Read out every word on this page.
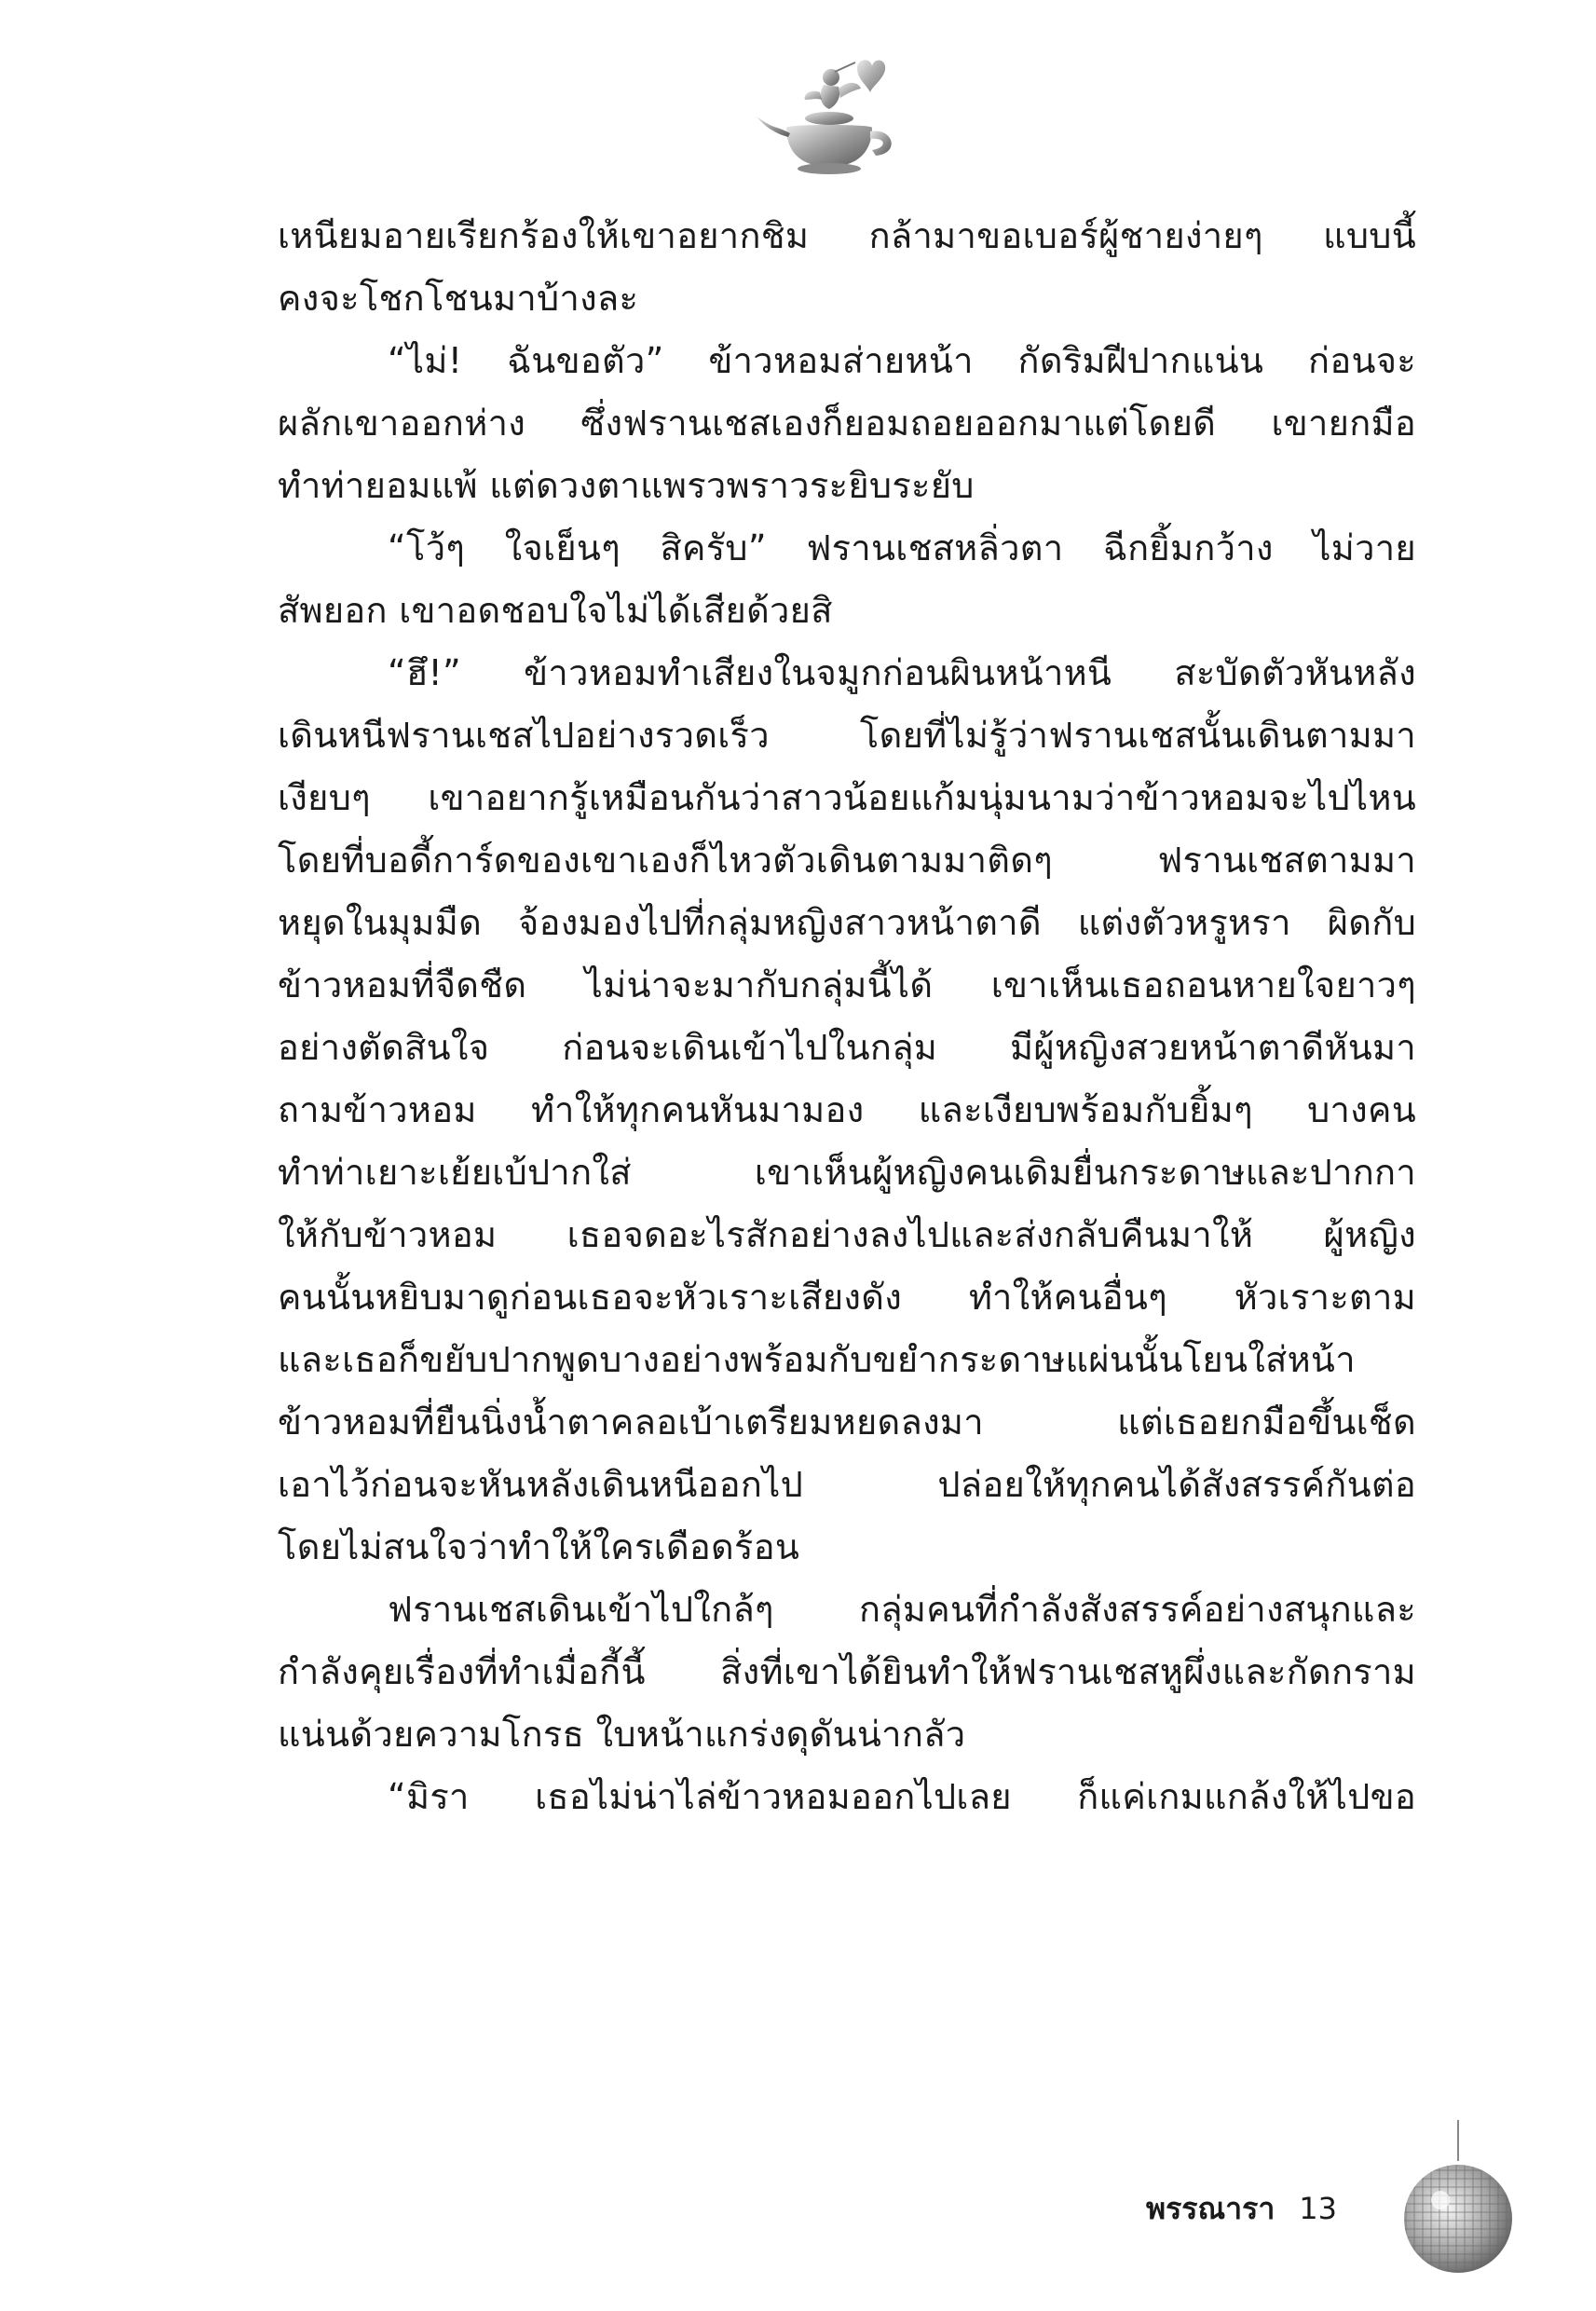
เหนียมอายเรียกร้องให้เขาอยากชิม กล้ามาขอเบอร์ผู้ชายง่ายๆ แบบนี้
คงจะโชกโชนมาบ้างละ
“ไม่! ฉันขอตัว” ข้าวหอมส่ายหน้า กัดริมฝีปากแน่น ก่อนจะ
ผลักเขาออกห่าง ซึ่งฟรานเชสเองก็ยอมถอยออกมาแต่โดยดี เขายกมือ
ทำท่ายอมแพ้ แต่ดวงตาแพรวพราวระยิบระยับ
“โว้ๆ ใจเย็นๆ สิครับ” ฟรานเชสหลิ่วตา ฉีกยิ้มกว้าง ไม่วาย
สัพยอก เขาอดชอบใจไม่ได้เสียด้วยสิ
“ฮึ!” ข้าวหอมทำเสียงในจมูกก่อนผินหน้าหนี สะบัดตัวหันหลัง
เดินหนีฟรานเชสไปอย่างรวดเร็ว โดยที่ไม่รู้ว่าฟรานเชสนั้นเดินตามมา
เงียบๆ เขาอยากรู้เหมือนกันว่าสาวน้อยแก้มนุ่มนามว่าข้าวหอมจะไปไหน
โดยที่บอดี้การ์ดของเขาเองก็ไหวตัวเดินตามมาติดๆ ฟรานเชสตามมา
หยุดในมุมมืด จ้องมองไปที่กลุ่มหญิงสาวหน้าตาดี แต่งตัวหรูหรา ผิดกับ
ข้าวหอมที่จืดชืด ไม่น่าจะมากับกลุ่มนี้ได้ เขาเห็นเธอถอนหายใจยาวๆ
อย่างตัดสินใจ ก่อนจะเดินเข้าไปในกลุ่ม มีผู้หญิงสวยหน้าตาดีหันมา
ถามข้าวหอม ทำให้ทุกคนหันมามอง และเงียบพร้อมกับยิ้มๆ บางคน
ทำท่าเยาะเย้ยเบ้ปากใส่ เขาเห็นผู้หญิงคนเดิมยื่นกระดาษและปากกา
ให้กับข้าวหอม เธอจดอะไรสักอย่างลงไปและส่งกลับคืนมาให้ ผู้หญิง
คนนั้นหยิบมาดูก่อนเธอจะหัวเราะเสียงดัง ทำให้คนอื่นๆ หัวเราะตาม
และเธอก็ขยับปากพูดบางอย่างพร้อมกับขยำกระดาษแผ่นนั้นโยนใส่หน้า
ข้าวหอมที่ยืนนิ่งน้ำตาคลอเบ้าเตรียมหยดลงมา แต่เธอยกมือขึ้นเช็ด
เอาไว้ก่อนจะหันหลังเดินหนีออกไป ปล่อยให้ทุกคนได้สังสรรค์กันต่อ
โดยไม่สนใจว่าทำให้ใครเดือดร้อน
ฟรานเชสเดินเข้าไปใกล้ๆ กลุ่มคนที่กำลังสังสรรค์อย่างสนุกและ
กำลังคุยเรื่องที่ทำเมื่อกี้นี้ สิ่งที่เขาได้ยินทำให้ฟรานเชสหูผึ่งและกัดกราม
แน่นด้วยความโกรธ ใบหน้าแกร่งดุดันน่ากลัว
“มิรา เธอไม่น่าไล่ข้าวหอมออกไปเลย ก็แค่เกมแกล้งให้ไปขอ
พรรณารา 13
